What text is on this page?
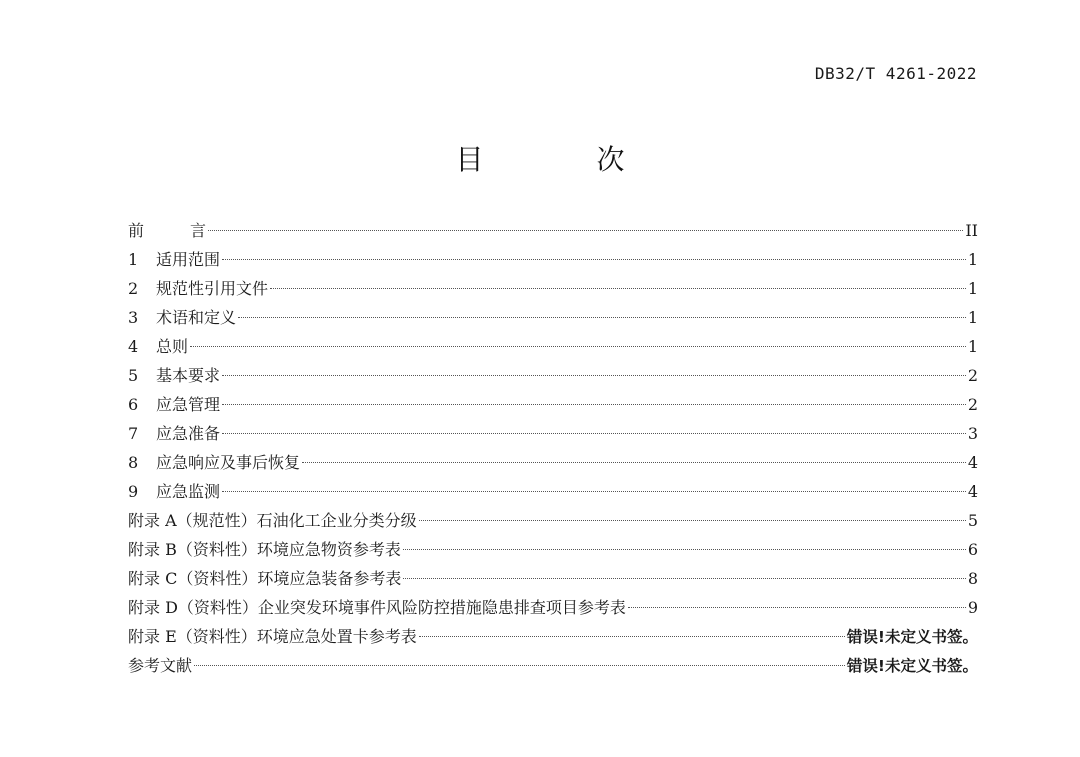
DB32/T 4261-2022
目 次
前	言	II
1 适用范围	1
2 规范性引用文件	1
3 术语和定义	1
4 总则	1
5 基本要求	2
6 应急管理	2
7 应急准备	3
8 应急响应及事后恢复	4
9 应急监测	4
附录 A（规范性）石油化工企业分类分级	5
附录 B（资料性）环境应急物资参考表	6
附录 C（资料性）环境应急装备参考表	8
附录 D（资料性）企业突发环境事件风险防控措施隐患排查项目参考表	9
附录 E（资料性）环境应急处置卡参考表	错误!未定义书签。
参考文献	错误!未定义书签。
